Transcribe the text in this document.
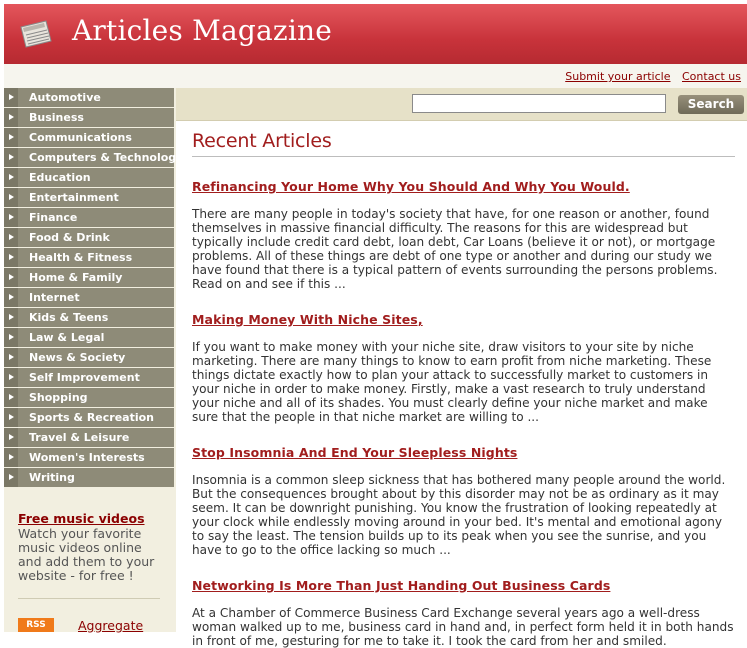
Articles Magazine
Submit your article Contact us
Automotive
Business
Communications
Computers & Technology
Education
Entertainment
Finance
Food & Drink
Health & Fitness
Home & Family
Internet
Kids & Teens
Law & Legal
News & Society
Self Improvement
Shopping
Sports & Recreation
Travel & Leisure
Women's Interests
Writing
Free music videos
Watch your favorite music videos online and add them to your website - for free !
RSS	Aggregate
Search
Recent Articles
Refinancing Your Home Why You Should And Why You Would.

There are many people in today's society that have, for one reason or another, found themselves in massive financial difficulty. The reasons for this are widespread but typically include credit card debt, loan debt, Car Loans (believe it or not), or mortgage problems. All of these things are debt of one type or another and during our study we have found that there is a typical pattern of events surrounding the persons problems. Read on and see if this ...

Making Money With Niche Sites,

If you want to make money with your niche site, draw visitors to your site by niche marketing. There are many things to know to earn profit from niche marketing. These things dictate exactly how to plan your attack to successfully market to customers in your niche in order to make money. Firstly, make a vast research to truly understand your niche and all of its shades. You must clearly define your niche market and make sure that the people in that niche market are willing to ...

Stop Insomnia And End Your Sleepless Nights

Insomnia is a common sleep sickness that has bothered many people around the world. But the consequences brought about by this disorder may not be as ordinary as it may seem. It can be downright punishing. You know the frustration of looking repeatedly at your clock while endlessly moving around in your bed. It's mental and emotional agony to say the least. The tension builds up to its peak when you see the sunrise, and you have to go to the office lacking so much ...

Networking Is More Than Just Handing Out Business Cards

At a Chamber of Commerce Business Card Exchange several years ago a well-dress woman walked up to me, business card in hand and, in perfect form held it in both hands in front of me, gesturing for me to take it. I took the card from her and smiled.
